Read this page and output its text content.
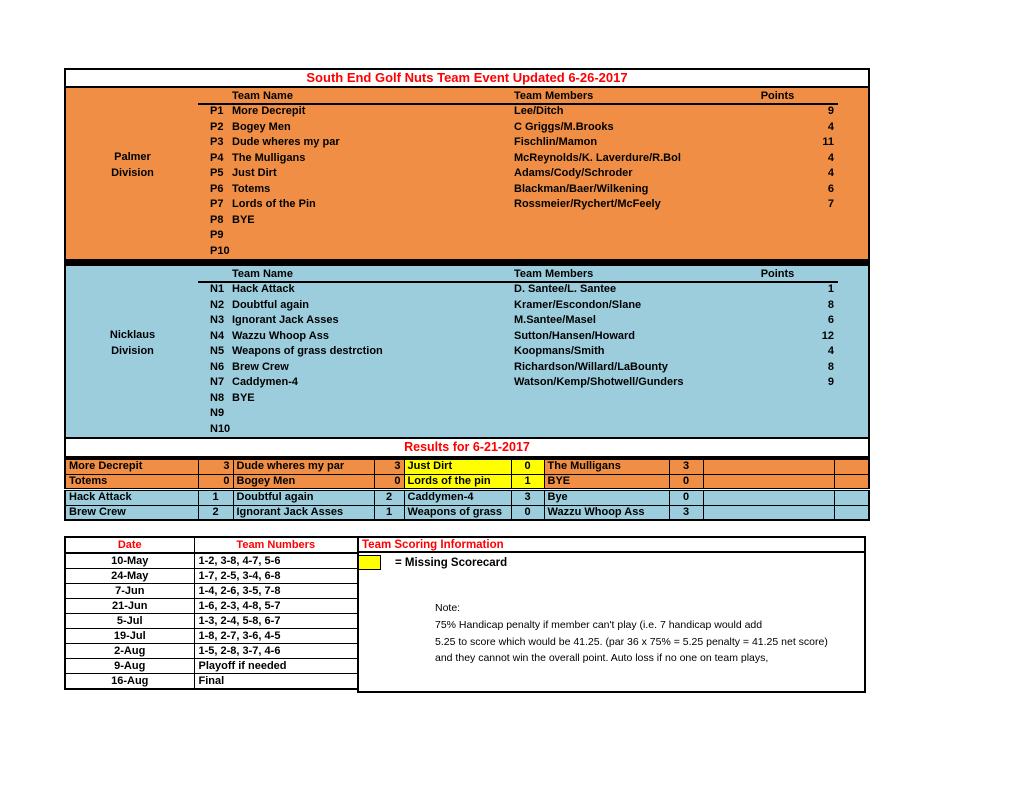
South End Golf Nuts Team Event Updated 6-26-2017
Team Name	Team Members	Points
P1 More Decrepit	Lee/Ditch	9
P2 Bogey Men	C Griggs/M.Brooks	4
P3 Dude wheres my par	Fischlin/Mamon	11
P4 The Mulligans	McReynolds/K. Laverdure/R.Bol	4
P5 Just Dirt	Adams/Cody/Schroder	4
P6 Totems	Blackman/Baer/Wilkening	6
P7 Lords of the Pin	Rossmeier/Rychert/McFeely	7
P8 BYE
P9
P10
Palmer
Division
Team Name	Team Members	Points
N1 Hack Attack	D. Santee/L. Santee	1
N2 Doubtful again	Kramer/Escondon/Slane	8
N3 Ignorant Jack Asses	M.Santee/Masel	6
N4 Wazzu Whoop Ass	Sutton/Hansen/Howard	12
N5 Weapons of grass destrction	Koopmans/Smith	4
N6 Brew Crew	Richardson/Willard/LaBounty	8
N7 Caddymen-4	Watson/Kemp/Shotwell/Gunders	9
N8 BYE
N9
N10
Nicklaus
Division
Results for 6-21-2017
More Decrepit	3	Dude wheres my par	3	Just Dirt	0	The Mulligans	3		
Totems	0	Bogey Men	0	Lords of the pin	1	BYE	0		
Hack Attack	1	Doubtful again	2	Caddymen-4	3	Bye	0		
Brew Crew	2	Ignorant Jack Asses	1	Weapons of grass	0	Wazzu Whoop Ass	3		
Date	Team Numbers
10-May	1-2, 3-8, 4-7, 5-6
24-May	1-7, 2-5, 3-4, 6-8
7-Jun	1-4, 2-6, 3-5, 7-8
21-Jun	1-6, 2-3, 4-8, 5-7
5-Jul	1-3, 2-4, 5-8, 6-7
19-Jul	1-8, 2-7, 3-6, 4-5
2-Aug	1-5, 2-8, 3-7, 4-6
9-Aug	Playoff if needed
16-Aug	Final
Team Scoring Information
= Missing Scorecard
Note:
75% Handicap penalty if member can't play (i.e. 7 handicap would add
5.25 to score which would be 41.25. (par 36 x 75% = 5.25 penalty = 41.25 net score)
and they cannot win the overall point. Auto loss if no one on team plays,
